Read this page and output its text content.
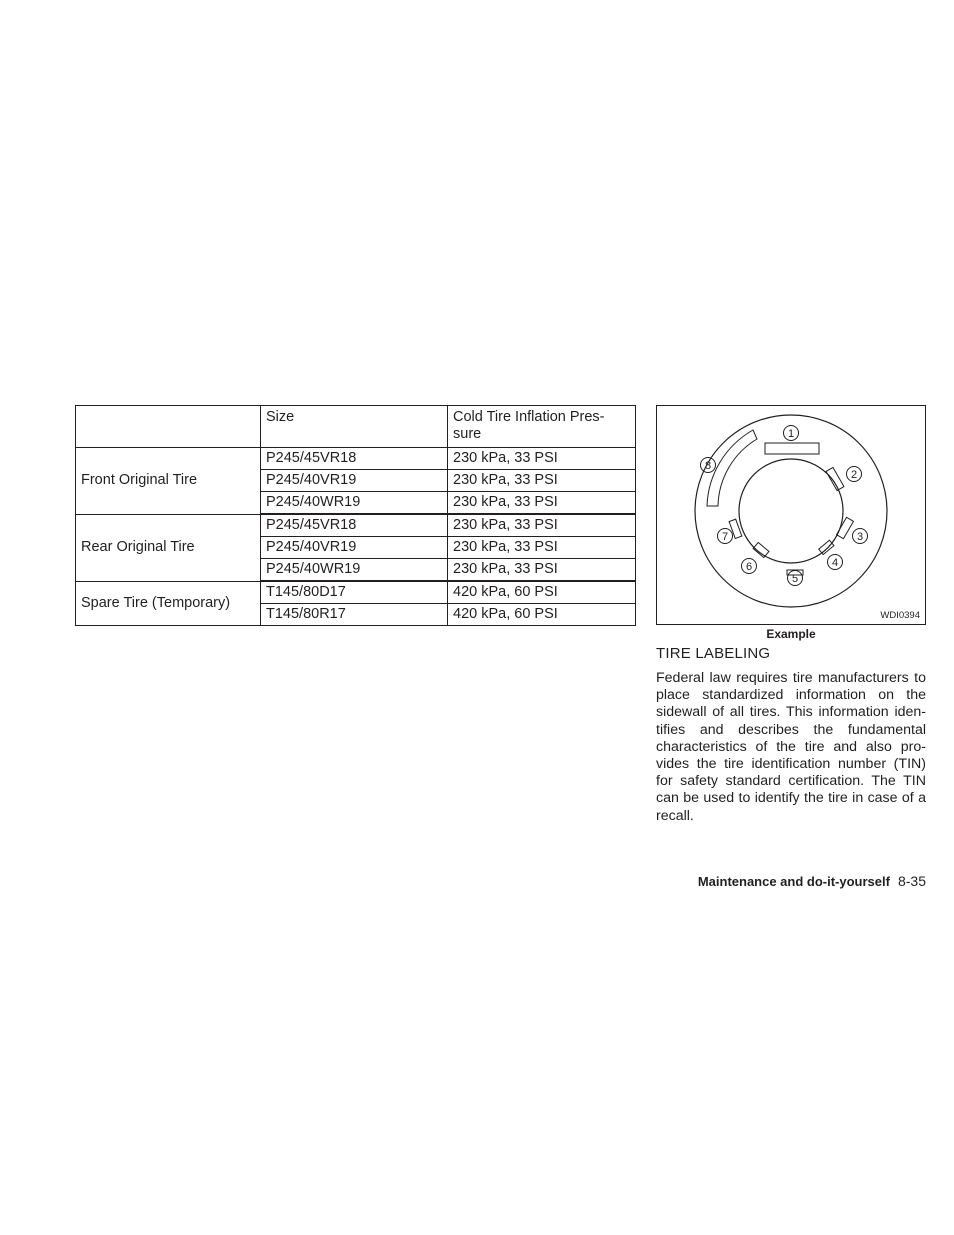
	Size	Cold Tire Inflation Pres-sure
Front Original Tire	P245/45VR18	230 kPa, 33 PSI
	P245/40VR19	230 kPa, 33 PSI
	P245/40WR19	230 kPa, 33 PSI
Rear Original Tire	P245/45VR18	230 kPa, 33 PSI
	P245/40VR19	230 kPa, 33 PSI
	P245/40WR19	230 kPa, 33 PSI
Spare Tire (Temporary)	T145/80D17	420 kPa, 60 PSI
	T145/80R17	420 kPa, 60 PSI
1
2
3
4
5
6
7
8
WDI0394
Example
TIRE LABELING
Federal law requires tire manufacturers to place standardized information on the sidewall of all tires. This information iden-tifies and describes the fundamental characteristics of the tire and also pro-vides the tire identification number (TIN) for safety standard certification. The TIN can be used to identify the tire in case of a recall.
Maintenance and do-it-yourself 8-35
